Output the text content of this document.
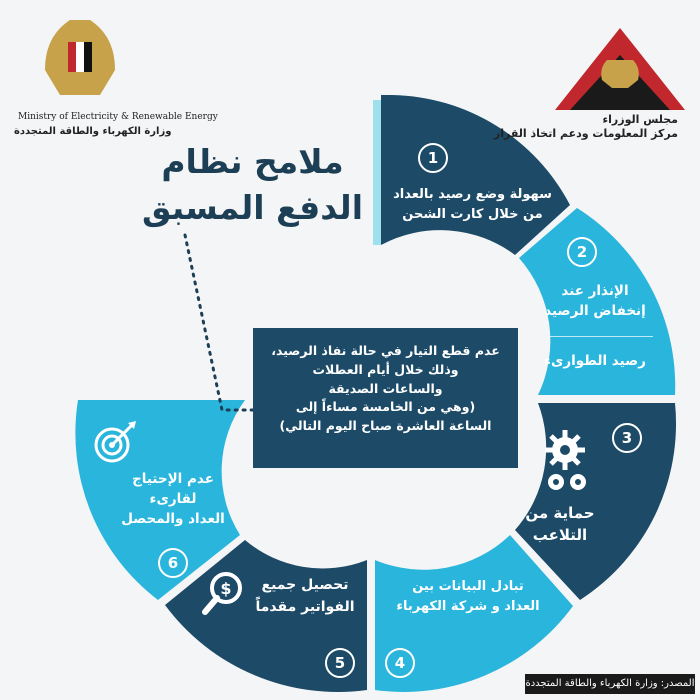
$
Ministry of Electricity & Renewable Energy
وزارة الكهرباء والطاقة المتجددة
مجلس الوزراء
مركز المعلومات ودعم اتخاذ القرار
ملامح نظام
الدفع المسبق
1
سهولة وضع رصيد بالعداد
من خلال كارت الشحن
2
الإنذار عند
إنخفاض الرصيد
رصيد الطوارىء
3
حماية من
التلاعب
4
تبادل البيانات بين
العداد و شركة الكهرباء
5
تحصيل جميع
الفواتير مقدماً
6
عدم الإحتياج
لقارىء
العداد والمحصل
عدم قطع التيار في حالة نفاذ الرصيد،
وذلك خلال أيام العطلات
والساعات الصديقة
(وهي من الخامسة مساءاً إلى
الساعة العاشرة صباح اليوم التالي)
المصدر: وزارة الكهرباء والطاقة المتجددة
